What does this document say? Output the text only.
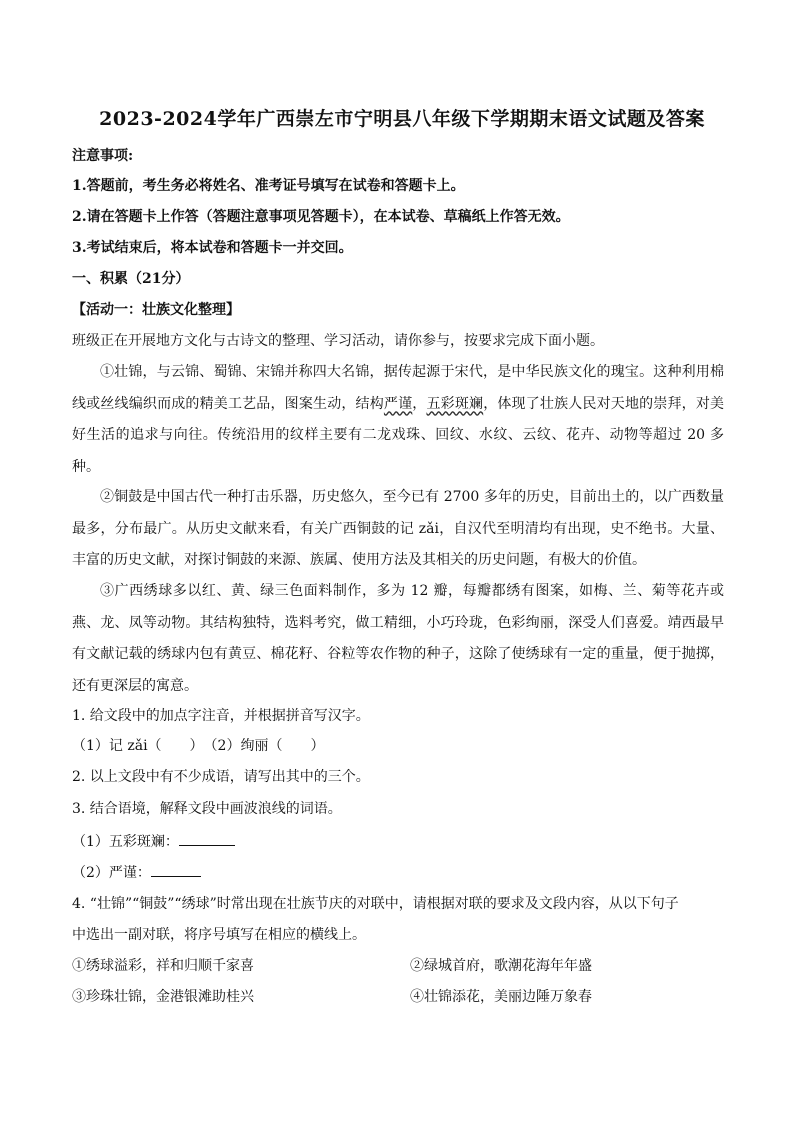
2023-2024学年广西崇左市宁明县八年级下学期期末语文试题及答案
注意事项:
1.答题前，考生务必将姓名、准考证号填写在试卷和答题卡上。
2.请在答题卡上作答（答题注意事项见答题卡），在本试卷、草稿纸上作答无效。
3.考试结束后，将本试卷和答题卡一并交回。
一、积累（21分）
【活动一：壮族文化整理】
班级正在开展地方文化与古诗文的整理、学习活动，请你参与，按要求完成下面小题。
①壮锦，与云锦、蜀锦、宋锦并称四大名锦，据传起源于宋代，是中华民族文化的瑰宝。这种利用棉线或丝线编织而成的精美工艺品，图案生动，结构严谨，五彩斑斓，体现了壮族人民对天地的崇拜，对美好生活的追求与向往。传统沿用的纹样主要有二龙戏珠、回纹、水纹、云纹、花卉、动物等超过 20 多种。
②铜鼓是中国古代一种打击乐器，历史悠久，至今已有 2700 多年的历史，目前出土的，以广西数量最多，分布最广。从历史文献来看，有关广西铜鼓的记 zǎi，自汉代至明清均有出现，史不绝书。大量、丰富的历史文献，对探讨铜鼓的来源、族属、使用方法及其相关的历史问题，有极大的价值。
③广西绣球多以红、黄、绿三色面料制作，多为 12 瓣，每瓣都绣有图案，如梅、兰、菊等花卉或燕、龙、凤等动物。其结构独特，选料考究，做工精细，小巧玲珑，色彩绚丽，深受人们喜爱。靖西最早有文献记载的绣球内包有黄豆、棉花籽、谷粒等农作物的种子，这除了使绣球有一定的重量，便于抛掷，还有更深层的寓意。
1. 给文段中的加点字注音，并根据拼音写汉字。
（1）记 zǎi（　　）　（2）绚丽（　　）
2. 以上文段中有不少成语，请写出其中的三个。
3. 结合语境，解释文段中画波浪线的词语。
（1）五彩斑斓：
（2）严谨：
4. “壮锦”“铜鼓”“绣球”时常出现在壮族节庆的对联中，请根据对联的要求及文段内容，从以下句子
中选出一副对联，将序号填写在相应的横线上。
①绣球溢彩，祥和归顺千家喜	②绿城首府，歌潮花海年年盛
③珍珠壮锦，金港银滩助桂兴	④壮锦添花，美丽边陲万象春
